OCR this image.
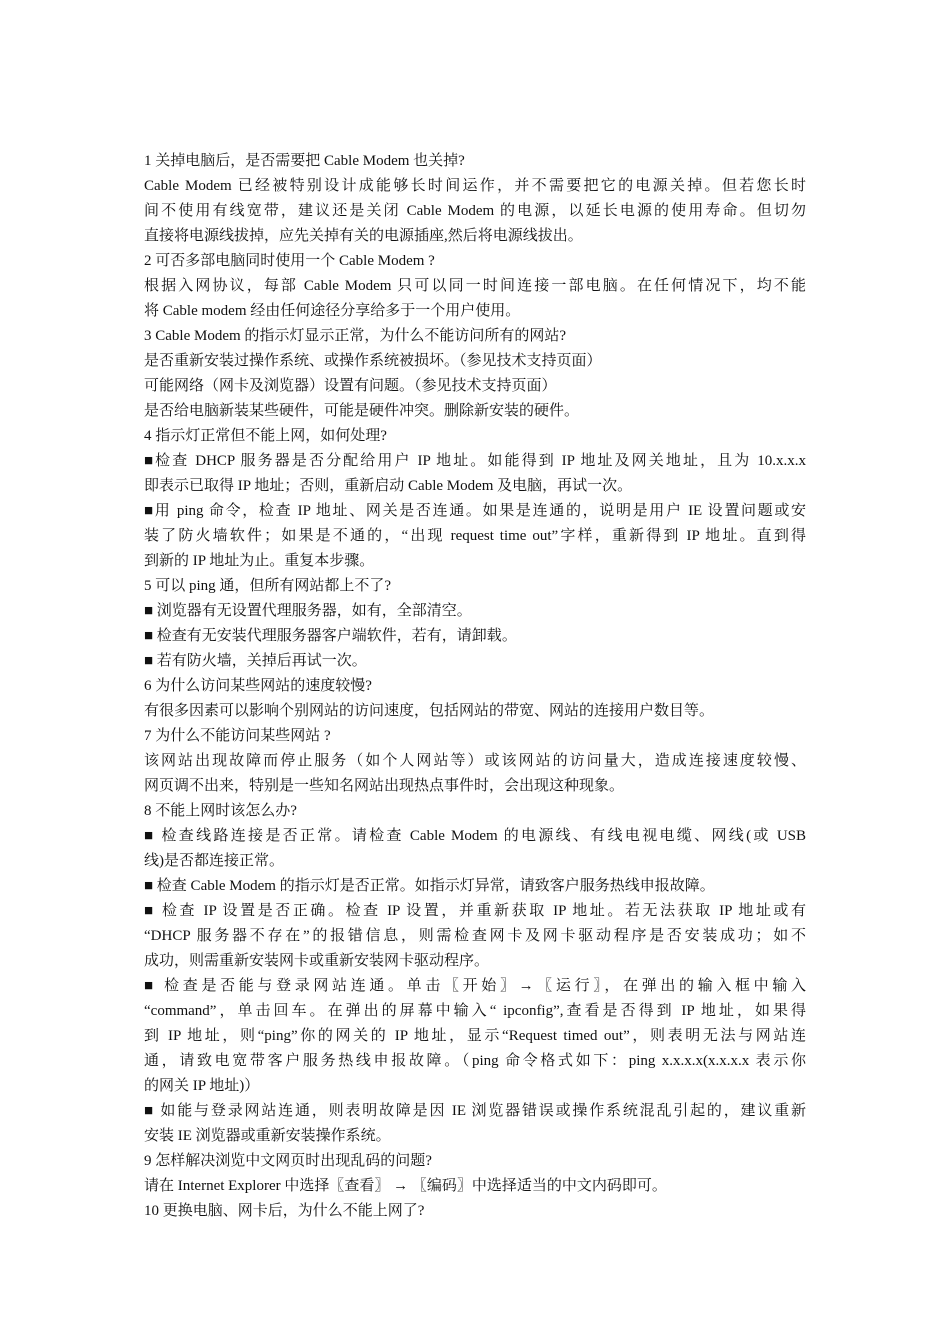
1 关掉电脑后，是否需要把 Cable Modem 也关掉?
Cable Modem 已经被特别设计成能够长时间运作，并不需要把它的电源关掉。但若您长时
间不使用有线宽带，建议还是关闭 Cable Modem 的电源，以延长电源的使用寿命。但切勿
直接将电源线拔掉，应先关掉有关的电源插座,然后将电源线拔出。
2 可否多部电脑同时使用一个 Cable Modem ?
根据入网协议，每部 Cable Modem 只可以同一时间连接一部电脑。在任何情况下，均不能
将 Cable modem 经由任何途径分享给多于一个用户使用。
3 Cable Modem 的指示灯显示正常，为什么不能访问所有的网站?
是否重新安装过操作系统、或操作系统被损坏。（参见技术支持页面）
可能网络（网卡及浏览器）设置有问题。（参见技术支持页面）
是否给电脑新装某些硬件，可能是硬件冲突。删除新安装的硬件。
4 指示灯正常但不能上网，如何处理?
■检查 DHCP 服务器是否分配给用户 IP 地址。如能得到 IP 地址及网关地址，且为 10.x.x.x
即表示已取得 IP 地址；否则，重新启动 Cable Modem 及电脑，再试一次。
■用 ping 命令，检查 IP 地址、网关是否连通。如果是连通的，说明是用户 IE 设置问题或安
装了防火墙软件；如果是不通的，“出现 request time out”字样，重新得到 IP 地址。直到得
到新的 IP 地址为止。重复本步骤。
5 可以 ping 通，但所有网站都上不了?
■ 浏览器有无设置代理服务器，如有，全部清空。
■ 检查有无安装代理服务器客户端软件，若有，请卸载。
■ 若有防火墙，关掉后再试一次。
6 为什么访问某些网站的速度较慢?
有很多因素可以影响个别网站的访问速度，包括网站的带宽、网站的连接用户数目等。
7 为什么不能访问某些网站 ?
该网站出现故障而停止服务（如个人网站等）或该网站的访问量大，造成连接速度较慢、
网页调不出来，特别是一些知名网站出现热点事件时，会出现这种现象。
8 不能上网时该怎么办?
■ 检查线路连接是否正常。请检查 Cable Modem 的电源线、有线电视电缆、网线(或 USB
线)是否都连接正常。
■ 检查 Cable Modem 的指示灯是否正常。如指示灯异常，请致客户服务热线申报故障。
■ 检查 IP 设置是否正确。检查 IP 设置，并重新获取 IP 地址。若无法获取 IP 地址或有
“DHCP 服务器不存在”的报错信息，则需检查网卡及网卡驱动程序是否安装成功；如不
成功，则需重新安装网卡或重新安装网卡驱动程序。
■ 检查是否能与登录网站连通。单击〖开始〗→〖运行〗，在弹出的输入框中输入
“command”，单击回车。在弹出的屏幕中输入“ ipconfig”,查看是否得到 IP 地址，如果得
到 IP 地址，则“ping”你的网关的 IP 地址，显示“Request timed out”，则表明无法与网站连
通，请致电宽带客户服务热线申报故障。（ping 命令格式如下：ping x.x.x.x(x.x.x.x 表示你
的网关 IP 地址)）
■ 如能与登录网站连通，则表明故障是因 IE 浏览器错误或操作系统混乱引起的，建议重新
安装 IE 浏览器或重新安装操作系统。
9 怎样解决浏览中文网页时出现乱码的问题?
请在 Internet Explorer 中选择〖查看〗 → 〖编码〗中选择适当的中文内码即可。
10 更换电脑、网卡后，为什么不能上网了?
